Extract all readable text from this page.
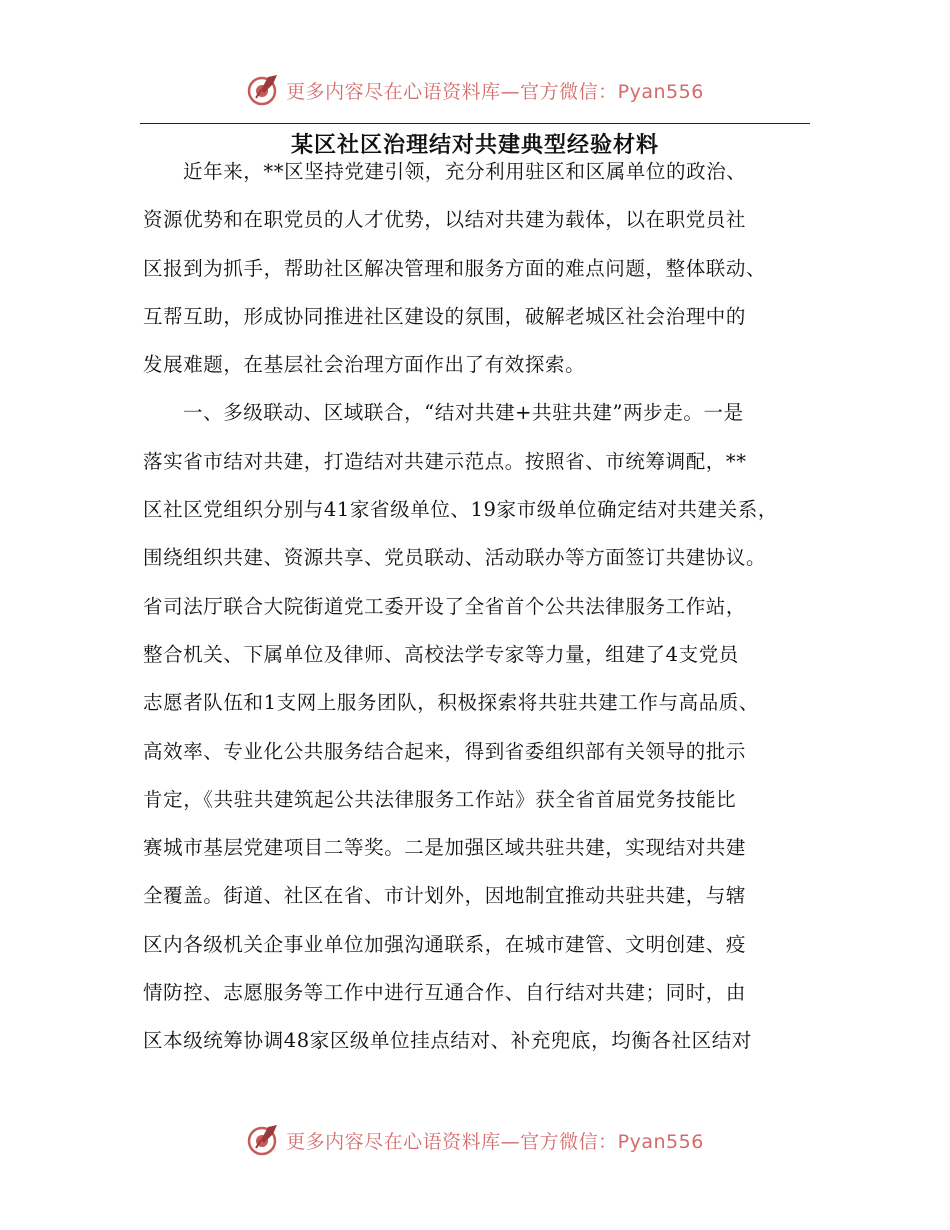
更多内容尽在心语资料库—官方微信：Pyan556
某区社区治理结对共建典型经验材料
近年来，**区坚持党建引领，充分利用驻区和区属单位的政治、
资源优势和在职党员的人才优势，以结对共建为载体，以在职党员社
区报到为抓手，帮助社区解决管理和服务方面的难点问题，整体联动、
互帮互助，形成协同推进社区建设的氛围，破解老城区社会治理中的
发展难题，在基层社会治理方面作出了有效探索。
一、多级联动、区域联合，“结对共建+共驻共建”两步走。一是
落实省市结对共建，打造结对共建示范点。按照省、市统筹调配，**
区社区党组织分别与41家省级单位、19家市级单位确定结对共建关系，
围绕组织共建、资源共享、党员联动、活动联办等方面签订共建协议。
省司法厅联合大院街道党工委开设了全省首个公共法律服务工作站，
整合机关、下属单位及律师、高校法学专家等力量，组建了4支党员
志愿者队伍和1支网上服务团队，积极探索将共驻共建工作与高品质、
高效率、专业化公共服务结合起来，得到省委组织部有关领导的批示
肯定，《共驻共建筑起公共法律服务工作站》获全省首届党务技能比
赛城市基层党建项目二等奖。二是加强区域共驻共建，实现结对共建
全覆盖。街道、社区在省、市计划外，因地制宜推动共驻共建，与辖
区内各级机关企事业单位加强沟通联系，在城市建管、文明创建、疫
情防控、志愿服务等工作中进行互通合作、自行结对共建；同时，由
区本级统筹协调48家区级单位挂点结对、补充兜底，均衡各社区结对
更多内容尽在心语资料库—官方微信：Pyan556
